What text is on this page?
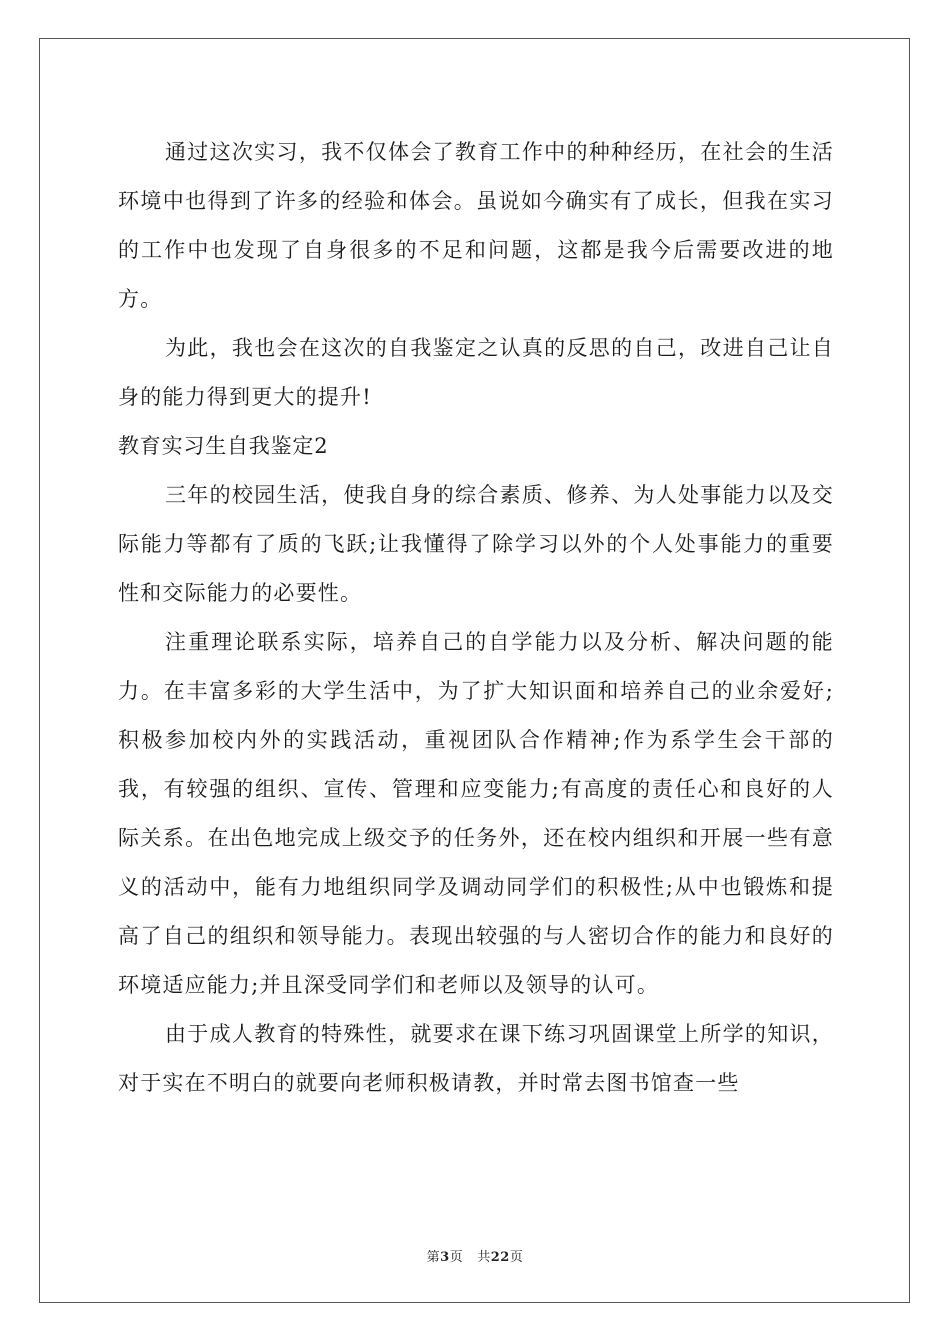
通过这次实习，我不仅体会了教育工作中的种种经历，在社会的生活环境中也得到了许多的经验和体会。虽说如今确实有了成长，但我在实习的工作中也发现了自身很多的不足和问题，这都是我今后需要改进的地方。

为此，我也会在这次的自我鉴定之认真的反思的自己，改进自己让自身的能力得到更大的提升!

教育实习生自我鉴定2

三年的校园生活，使我自身的综合素质、修养、为人处事能力以及交际能力等都有了质的飞跃;让我懂得了除学习以外的个人处事能力的重要性和交际能力的必要性。

注重理论联系实际，培养自己的自学能力以及分析、解决问题的能力。在丰富多彩的大学生活中，为了扩大知识面和培养自己的业余爱好;积极参加校内外的实践活动，重视团队合作精神;作为系学生会干部的我，有较强的组织、宣传、管理和应变能力;有高度的责任心和良好的人际关系。在出色地完成上级交予的任务外，还在校内组织和开展一些有意义的活动中，能有力地组织同学及调动同学们的积极性;从中也锻炼和提高了自己的组织和领导能力。表现出较强的与人密切合作的能力和良好的环境适应能力;并且深受同学们和老师以及领导的认可。

由于成人教育的特殊性，就要求在课下练习巩固课堂上所学的知识，对于实在不明白的就要向老师积极请教，并时常去图书馆查一些

第3页 共22页
